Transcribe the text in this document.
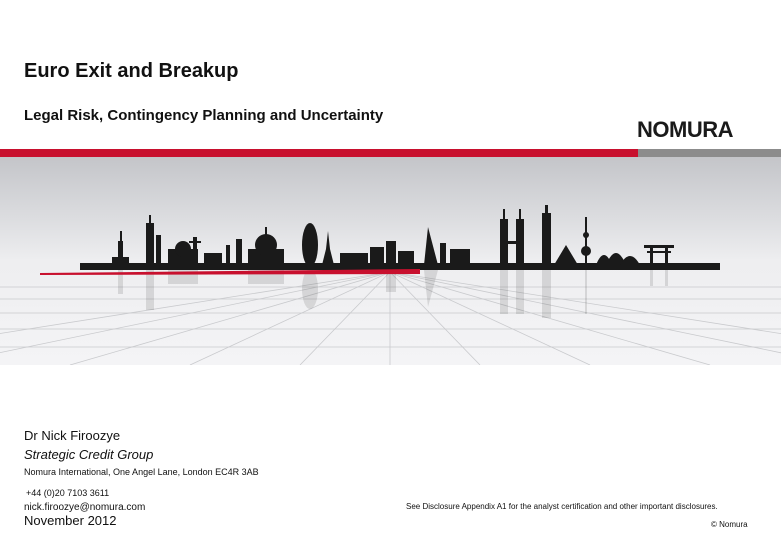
Euro Exit and Breakup
Legal Risk, Contingency Planning and Uncertainty
NOMURA
Dr Nick Firoozye
Strategic Credit Group
Nomura International, One Angel Lane, London EC4R 3AB
+44 (0)20 7103 3611
nick.firoozye@nomura.com
November 2012
See Disclosure Appendix A1 for the analyst certification and other important disclosures.
© Nomura
